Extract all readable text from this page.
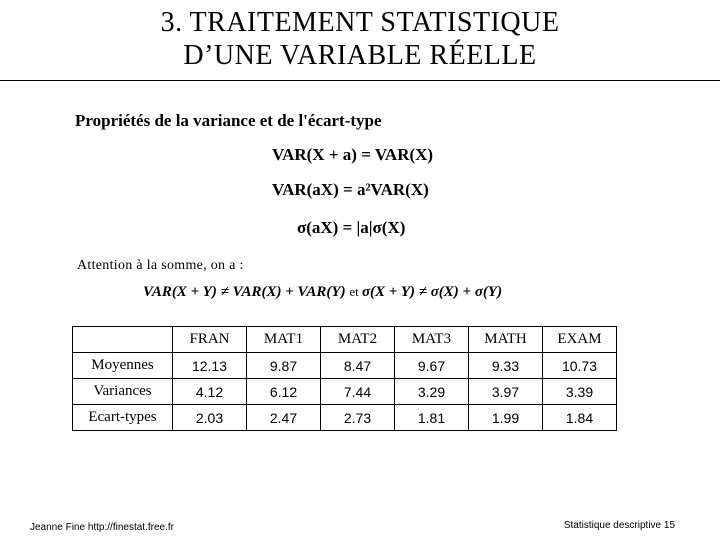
3. TRAITEMENT STATISTIQUE
D’UNE VARIABLE RÉELLE
Propriétés de la variance et de l'écart-type
VAR(X + a) = VAR(X)
VAR(aX) = a²VAR(X)
σ(aX) = |a|σ(X)
Attention à la somme, on a :
VAR(X + Y) ≠ VAR(X) + VAR(Y) et σ(X + Y) ≠ σ(X) + σ(Y)
	FRAN	MAT1	MAT2	MAT3	MATH	EXAM
Moyennes	12.13	9.87	8.47	9.67	9.33	10.73
Variances	4.12	6.12	7.44	3.29	3.97	3.39
Ecart-types	2.03	2.47	2.73	1.81	1.99	1.84
Jeanne Fine http://finestat.free.fr	Statistique descriptive 15
